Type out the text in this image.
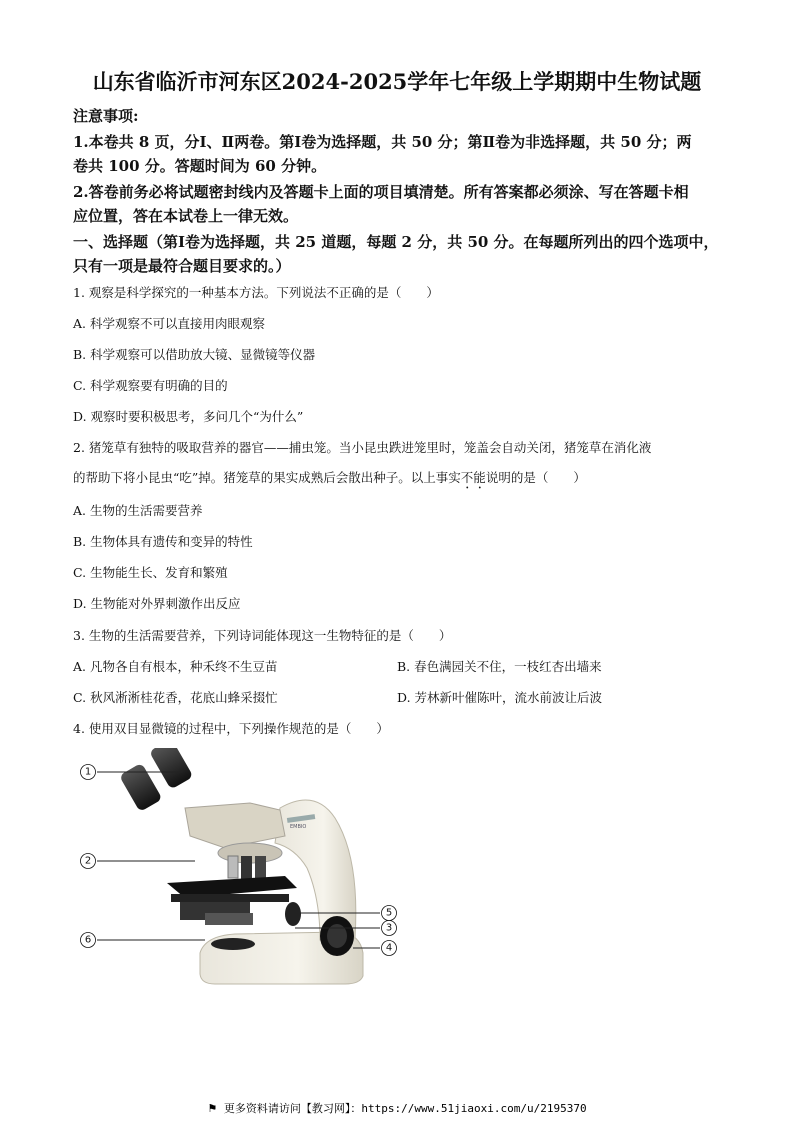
山东省临沂市河东区2024-2025学年七年级上学期期中生物试题
注意事项:
1.本卷共 8 页，分Ⅰ、Ⅱ两卷。第Ⅰ卷为选择题，共 50 分；第Ⅱ卷为非选择题，共 50 分；两
卷共 100 分。答题时间为 60 分钟。
2.答卷前务必将试题密封线内及答题卡上面的项目填清楚。所有答案都必须涂、写在答题卡相
应位置，答在本试卷上一律无效。
一、选择题（第Ⅰ卷为选择题，共 25 道题，每题 2 分，共 50 分。在每题所列出的四个选项中，
只有一项是最符合题目要求的。）
1. 观察是科学探究的一种基本方法。下列说法不正确的是（　　）
A. 科学观察不可以直接用肉眼观察
B. 科学观察可以借助放大镜、显微镜等仪器
C. 科学观察要有明确的目的
D. 观察时要积极思考，多问几个“为什么”
2. 猪笼草有独特的吸取营养的器官——捕虫笼。当小昆虫跌进笼里时，笼盖会自动关闭，猪笼草在消化液
的帮助下将小昆虫“吃”掉。猪笼草的果实成熟后会散出种子。以上事实不能说明的是（　　）
A. 生物的生活需要营养
B. 生物体具有遗传和变异的特性
C. 生物能生长、发育和繁殖
D. 生物能对外界刺激作出反应
3. 生物的生活需要营养，下列诗词能体现这一生物特征的是（　　）
A. 凡物各自有根本，种禾终不生豆苗	B. 春色满园关不住，一枝红杏出墙来
C. 秋风淅淅桂花香，花底山蜂采掇忙	D. 芳林新叶催陈叶，流水前波让后波
4. 使用双目显微镜的过程中，下列操作规范的是（　　）
1
2
6
5
3
4
EMBIO
⚑ 更多资料请访问【教习网】：https://www.51jiaoxi.com/u/2195370
